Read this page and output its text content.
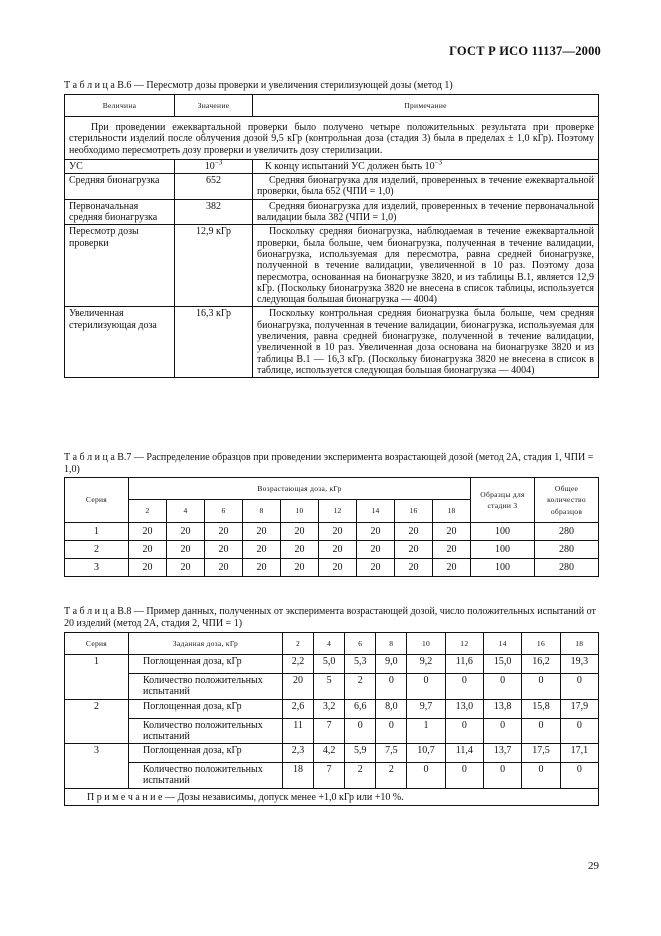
ГОСТ Р ИСО 11137—2000
Т а б л и ц а В.6 — Пересмотр дозы проверки и увеличения стерилизующей дозы (метод 1)
Величина	Значение	Примечание
При проведении ежеквартальной проверки было получено четыре положительных результата при проверке стерильности изделий после облучения дозой 9,5 кГр (контрольная доза (стадия 3) была в пределах ± 1,0 кГр). Поэтому необходимо пересмотреть дозу проверки и увеличить дозу стерилизации.		
УС	$10^{-3}$	К концу испытаний УС должен быть $10^{-3}$
Средняя бионагрузка	652	Средняя бионагрузка для изделий, проверенных в течение ежеквартальной проверки, была 652 (ЧПИ = 1,0)
Первоначальная средняя бионагрузка	382	Средняя бионагрузка для изделий, проверенных в течение первоначальной валидации была 382 (ЧПИ = 1,0)
Пересмотр дозы проверки	12,9 кГр	Поскольку средняя бионагрузка, наблюдаемая в течение ежеквартальной проверки, была больше, чем бионагрузка, полученная в течение валидации, бионагрузка, используемая для пересмотра, равна средней бионагрузке, полученной в течение валидации, увеличенной в 10 раз. Поэтому доза пересмотра, основанная на бионагрузке 3820, и из таблицы В.1, является 12,9 кГр. (Поскольку бионагрузка 3820 не внесена в список таблицы, используется следующая большая бионагрузка — 4004)
Увеличенная стерилизующая доза	16,3 кГр	Поскольку контрольная средняя бионагрузка была больше, чем средняя бионагрузка, полученная в течение валидации, бионагрузка, используемая для увеличения, равна средней бионагрузке, полученной в течение валидации, увеличенной в 10 раз. Увеличенная доза основана на бионагрузке 3820 и из таблицы В.1 — 16,3 кГр. (Поскольку бионагрузка 3820 не внесена в список в таблице, используется следующая большая бионагрузка — 4004)
Т а б л и ц а В.7 — Распределение образцов при проведении эксперимента возрастающей дозой (метод 2А, стадия 1, ЧПИ = 1,0)
Серия	Возрастающая доза, кГр									Образцы для стадии 3	Общее количество образцов
	2	4	6	8	10	12	14	16	18		
1	20	20	20	20	20	20	20	20	20	100	280
2	20	20	20	20	20	20	20	20	20	100	280
3	20	20	20	20	20	20	20	20	20	100	280
Т а б л и ц а В.8 — Пример данных, полученных от эксперимента возрастающей дозой, число положительных испытаний от 20 изделий (метод 2А, стадия 2, ЧПИ = 1)
Серия	Заданная доза, кГр	2	4	6	8	10	12	14	16	18
1	Поглощенная доза, кГр	2,2	5,0	5,3	9,0	9,2	11,6	15,0	16,2	19,3
	Количество положительных испытаний	20	5	2	0	0	0	0	0	0
2	Поглощенная доза, кГр	2,6	3,2	6,6	8,0	9,7	13,0	13,8	15,8	17,9
	Количество положительных испытаний	11	7	0	0	1	0	0	0	0
3	Поглощенная доза, кГр	2,3	4,2	5,9	7,5	10,7	11,4	13,7	17,5	17,1
	Количество положительных испытаний	18	7	2	2	0	0	0	0	0
П р и м е ч а н и е — Дозы независимы, допуск менее +1,0 кГр или +10 %.										
29
